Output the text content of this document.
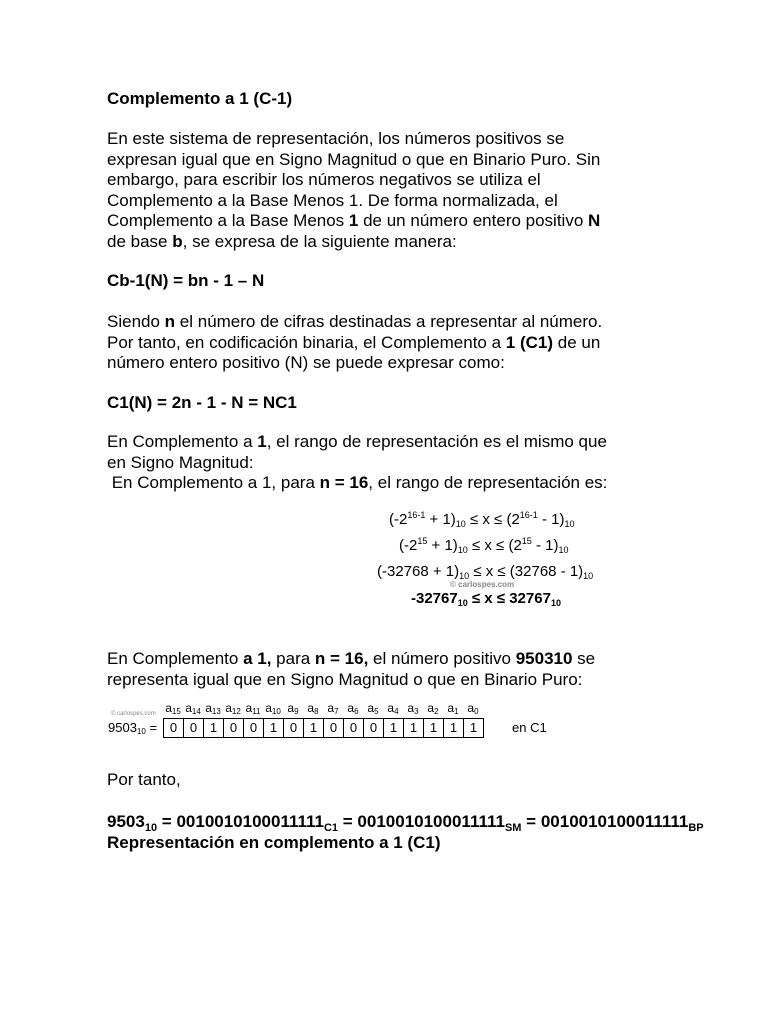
Complemento a 1 (C-1)
En este sistema de representación, los números positivos se
expresan igual que en Signo Magnitud o que en Binario Puro. Sin
embargo, para escribir los números negativos se utiliza el
Complemento a la Base Menos 1. De forma normalizada, el
Complemento a la Base Menos 1 de un número entero positivo N
de base b, se expresa de la siguiente manera:
Cb-1(N) = bn - 1 – N
Siendo n el número de cifras destinadas a representar al número.
Por tanto, en codificación binaria, el Complemento a 1 (C1) de un
número entero positivo (N) se puede expresar como:
C1(N) = 2n - 1 - N = NC1
En Complemento a 1, el rango de representación es el mismo que
en Signo Magnitud:
En Complemento a 1, para n = 16, el rango de representación es:
$(-2^{16-1} + 1)_{10} \le x \le (2^{16-1} - 1)_{10}$
$(-2^{15} + 1)_{10} \le x \le (2^{15} - 1)_{10}$
$(-32768 + 1)_{10} \le x \le (32768 - 1)_{10}$
© carlospes.com
$-32767_{10} \le x \le 32767_{10}$
En Complemento a 1, para n = 16, el número positivo 950310 se
representa igual que en Signo Magnitud o que en Binario Puro:
© carlospes.com $a_{15}$ $a_{14}$ $a_{13}$ $a_{12}$ $a_{11}$ $a_{10}$ $a_9$ $a_8$ $a_7$ $a_6$ $a_5$ $a_4$ $a_3$ $a_2$ $a_1$ $a_0$
$9503_{10} = 0$ 0 1 0 0 1 0 1 0 0 0 1 1 1 1 1	en C1
Por tanto,
$9503_{10} = 0010010100011111_{C1} = 0010010100011111_{SM} = 0010010100011111_{BP}$
Representación en complemento a 1 (C1)
